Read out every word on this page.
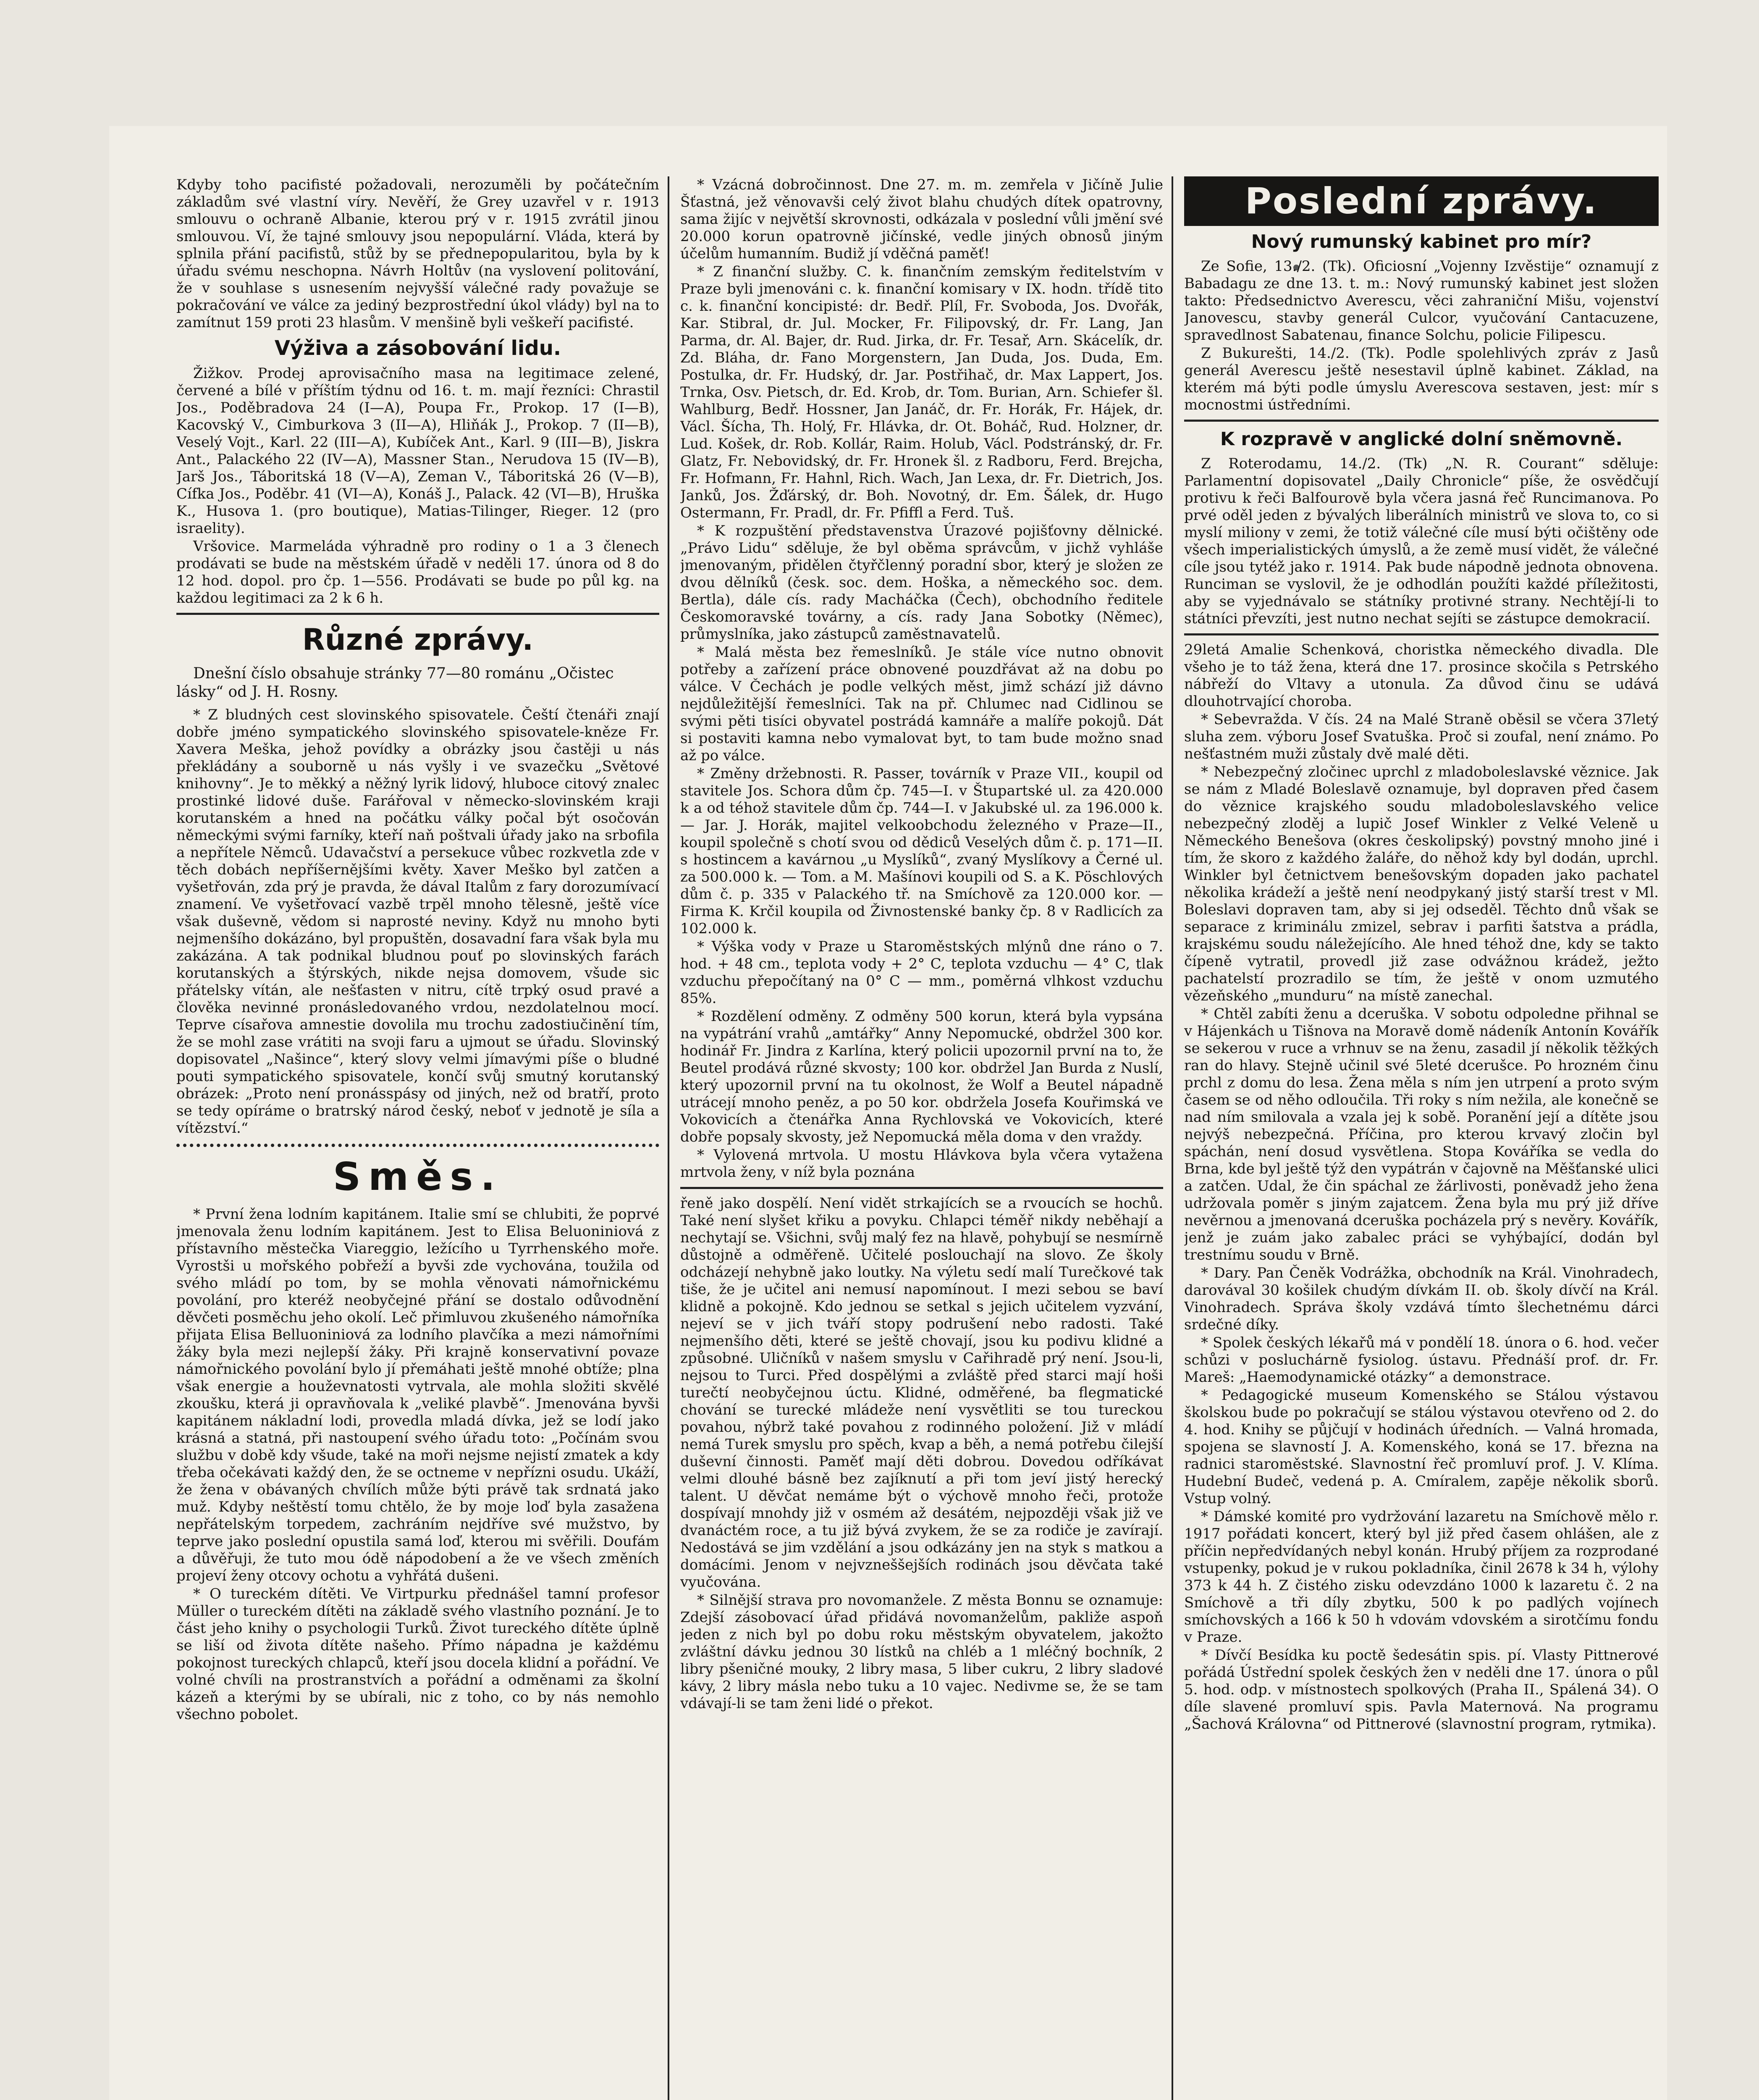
Kdyby toho pacifisté požadovali, nerozuměli by počátečním základům své vlastní víry. Nevěří, že Grey uzavřel v r. 1913 smlouvu o ochraně Albanie, kterou prý v r. 1915 zvrátil jinou smlouvou. Ví, že tajné smlouvy jsou nepopulární. Vláda, která by splnila přání pacifistů, stůž by se přednepopularitou, byla by k úřadu svému neschopna. Návrh Holtův (na vyslovení politování, že v souhlase s usnesením nejvyšší válečné rady považuje se pokračování ve válce za jediný bezprostřední úkol vlády) byl na to zamítnut 159 proti 23 hlasům. V menšině byli veškeří pacifisté.

Výživa a zásobování lidu.

Žižkov. Prodej aprovisačního masa na legitimace zelené, červené a bílé v příštím týdnu od 16. t. m. mají řezníci: Chrastil Jos., Poděbradova 24 (I—A), Poupa Fr., Prokop. 17 (I—B), Kacovský V., Cimburkova 3 (II—A), Hliňák J., Prokop. 7 (II—B), Veselý Vojt., Karl. 22 (III—A), Kubíček Ant., Karl. 9 (III—B), Jiskra Ant., Palackého 22 (IV—A), Massner Stan., Nerudova 15 (IV—B), Jarš Jos., Táboritská 18 (V—A), Zeman V., Táboritská 26 (V—B), Cífka Jos., Poděbr. 41 (VI—A), Konáš J., Palack. 42 (VI—B), Hruška K., Husova 1. (pro boutique), Matias-Tilinger, Rieger. 12 (pro israelity).

Vršovice. Marmeláda výhradně pro rodiny o 1 a 3 členech prodávati se bude na městském úřadě v neděli 17. února od 8 do 12 hod. dopol. pro čp. 1—556. Prodávati se bude po půl kg. na každou legitimaci za 2 k 6 h.

Různé zprávy.

Dnešní číslo obsahuje stránky 77—80 románu „Očistec lásky“ od J. H. Rosny.

* Z bludných cest slovinského spisovatele. Čeští čtenáři znají dobře jméno sympatického slovinského spisovatele-kněze Fr. Xavera Meška, jehož povídky a obrázky jsou častěji u nás překládány a souborně u nás vyšly i ve svazečku „Světové knihovny“. Je to měkký a něžný lyrik lidový, hluboce citový znalec prostinké lidové duše. Farářoval v německo-slovinském kraji korutanském a hned na počátku války počal být osočován německými svými farníky, kteří naň poštvali úřady jako na srbofila a nepřítele Němců. Udavačství a persekuce vůbec rozkvetla zde v těch dobách nepříšernějšími květy. Xaver Meško byl zatčen a vyšetřován, zda prý je pravda, že dával Italům z fary dorozumívací znamení. Ve vyšetřovací vazbě trpěl mnoho tělesně, ještě více však duševně, vědom si naprosté neviny. Když nu mnoho byti nejmenšího dokázáno, byl propuštěn, dosavadní fara však byla mu zakázána. A tak podnikal bludnou pouť po slovinských farách korutanských a štýrských, nikde nejsa domovem, všude sic přátelsky vítán, ale nešťasten v nitru, cítě trpký osud pravé a člověka nevinné pronásledovaného vrdou, nezdolatelnou mocí. Teprve císařova amnestie dovolila mu trochu zadostiučinění tím, že se mohl zase vrátiti na svoji faru a ujmout se úřadu. Slovinský dopisovatel „Našince“, který slovy velmi jímavými píše o bludné pouti sympatického spisovatele, končí svůj smutný korutanský obrázek: „Proto není pronásspásy od jiných, než od bratří, proto se tedy opíráme o bratrský národ český, neboť v jednotě je síla a vítězství.“

Směs.

* První žena lodním kapitánem. Italie smí se chlubiti, že poprvé jmenovala ženu lodním kapitánem. Jest to Elisa Beluoniniová z přístavního městečka Viareggio, ležícího u Tyrrhenského moře. Vyrostši u mořského pobřeží a byvši zde vychována, toužila od svého mládí po tom, by se mohla věnovati námořnickému povolání, pro kteréž neobyčejné přání se dostalo odůvodnění děvčeti posměchu jeho okolí. Leč přimluvou zkušeného námořníka přijata Elisa Belluoniniová za lodního plavčíka a mezi námořními žáky byla mezi nejlepší žáky. Při krajně konservativní povaze námořnického povolání bylo jí přemáhati ještě mnohé obtíže; plna však energie a houževnatosti vytrvala, ale mohla složiti skvělé zkoušku, která ji opravňovala k „veliké plavbě“. Jmenována byvši kapitánem nákladní lodi, provedla mladá dívka, jež se lodí jako krásná a statná, při nastoupení svého úřadu toto: „Počínám svou službu v době kdy všude, také na moři nejsme nejistí zmatek a kdy třeba očekávati každý den, že se octneme v nepřízni osudu. Ukáží, že žena v obávaných chvílích může býti právě tak srdnatá jako muž. Kdyby neštěstí tomu chtělo, že by moje loď byla zasažena nepřátelským torpedem, zachráním nejdříve své mužstvo, by teprve jako poslední opustila samá loď, kterou mi svěřili. Doufám a důvěřuji, že tuto mou ódě nápodobení a že ve všech změních projeví ženy otcovy ochotu a vyhřátá dušeni.

* O tureckém dítěti. Ve Virtpurku přednášel tamní profesor Müller o tureckém dítěti na základě svého vlastního poznání. Je to část jeho knihy o psychologii Turků. Život tureckého dítěte úplně se liší od života dítěte našeho. Přímo nápadna je každému pokojnost tureckých chlapců, kteří jsou docela klidní a pořádní. Ve volné chvíli na prostranstvích a pořádní a odměnami za školní kázeň a kterými by se ubírali, nic z toho, co by nás nemohlo všechno pobolet.

* Vzácná dobročinnost. Dne 27. m. m. zemřela v Jičíně Julie Šťastná, jež věnovavši celý život blahu chudých dítek opatrovny, sama žijíc v největší skrovnosti, odkázala v poslední vůli jmění své 20.000 korun opatrovně jičínské, vedle jiných obnosů jiným účelům humanním. Budiž jí vděčná paměť!

* Z finanční služby. C. k. finančním zemským ředitelstvím v Praze byli jmenováni c. k. finanční komisary v IX. hodn. třídě tito c. k. finanční koncipisté: dr. Bedř. Plíl, Fr. Svoboda, Jos. Dvořák, Kar. Stibral, dr. Jul. Mocker, Fr. Filipovský, dr. Fr. Lang, Jan Parma, dr. Al. Bajer, dr. Rud. Jirka, dr. Fr. Tesař, Arn. Skácelík, dr. Zd. Bláha, dr. Fano Morgenstern, Jan Duda, Jos. Duda, Em. Postulka, dr. Fr. Hudský, dr. Jar. Postřihač, dr. Max Lappert, Jos. Trnka, Osv. Pietsch, dr. Ed. Krob, dr. Tom. Burian, Arn. Schiefer šl. Wahlburg, Bedř. Hossner, Jan Janáč, dr. Fr. Horák, Fr. Hájek, dr. Václ. Šícha, Th. Holý, Fr. Hlávka, dr. Ot. Boháč, Rud. Holzner, dr. Lud. Košek, dr. Rob. Kollár, Raim. Holub, Václ. Podstránský, dr. Fr. Glatz, Fr. Nebovidský, dr. Fr. Hronek šl. z Radboru, Ferd. Brejcha, Fr. Hofmann, Fr. Hahnl, Rich. Wach, Jan Lexa, dr. Fr. Dietrich, Jos. Janků, Jos. Žďárský, dr. Boh. Novotný, dr. Em. Šálek, dr. Hugo Ostermann, Fr. Pradl, dr. Fr. Pfiffl a Ferd. Tuš.

* K rozpuštění představenstva Úrazové pojišťovny dělnické. „Právo Lidu“ sděluje, že byl oběma správcům, v jichž vyhláše jmenovaným, přidělen čtyřčlenný poradní sbor, který je složen ze dvou dělníků (česk. soc. dem. Hoška, a německého soc. dem. Bertla), dále cís. rady Macháčka (Čech), obchodního ředitele Českomoravské továrny, a cís. rady Jana Sobotky (Němec), průmyslníka, jako zástupců zaměstnavatelů.

* Malá města bez řemeslníků. Je stále více nutno obnovit potřeby a zařízení práce obnovené pouzdřávat až na dobu po válce. V Čechách je podle velkých měst, jimž schází již dávno nejdůležitější řemeslníci. Tak na př. Chlumec nad Cidlinou se svými pěti tisíci obyvatel postrádá kamnáře a malíře pokojů. Dát si postaviti kamna nebo vymalovat byt, to tam bude možno snad až po válce.

* Změny držebnosti. R. Passer, továrník v Praze VII., koupil od stavitele Jos. Schora dům čp. 745—I. v Štupartské ul. za 420.000 k a od téhož stavitele dům čp. 744—I. v Jakubské ul. za 196.000 k. — Jar. J. Horák, majitel velkoobchodu železného v Praze—II., koupil společně s chotí svou od dědiců Veselých dům č. p. 171—II. s hostincem a kavárnou „u Myslíků“, zvaný Myslíkovy a Černé ul. za 500.000 k. — Tom. a M. Mašínovi koupili od S. a K. Pöschlových dům č. p. 335 v Palackého tř. na Smíchově za 120.000 kor. — Firma K. Krčil koupila od Živnostenské banky čp. 8 v Radlicích za 102.000 k.

* Výška vody v Praze u Staroměstských mlýnů dne ráno o 7. hod. + 48 cm., teplota vody + 2° C, teplota vzduchu — 4° C, tlak vzduchu přepočítaný na 0° C — mm., poměrná vlhkost vzduchu 85%.

* Rozdělení odměny. Z odměny 500 korun, která byla vypsána na vypátrání vrahů „amtářky“ Anny Nepomucké, obdržel 300 kor. hodinář Fr. Jindra z Karlína, který policii upozornil první na to, že Beutel prodává různé skvosty; 100 kor. obdržel Jan Burda z Nuslí, který upozornil první na tu okolnost, že Wolf a Beutel nápadně utrácejí mnoho peněz, a po 50 kor. obdržela Josefa Kouřimská ve Vokovicích a čtenářka Anna Rychlovská ve Vokovicích, které dobře popsaly skvosty, jež Nepomucká měla doma v den vraždy.

* Vylovená mrtvola. U mostu Hlávkova byla včera vytažena mrtvola ženy, v níž byla poznána

řeně jako dospělí. Není vidět strkajících se a rvoucích se hochů. Také není slyšet křiku a povyku. Chlapci téměř nikdy neběhají a nechytají se. Všichni, svůj malý fez na hlavě, pohybují se nesmírně důstojně a odměřeně. Učitelé poslouchají na slovo. Ze školy odcházejí nehybně jako loutky. Na výletu sedí malí Turečkové tak tiše, že je učitel ani nemusí napomínout. I mezi sebou se baví klidně a pokojně. Kdo jednou se setkal s jejich učitelem vyzvání, nejeví se v jich tváří stopy podrušení nebo radosti. Také nejmenšího děti, které se ještě chovají, jsou ku podivu klidné a způsobné. Uličníků v našem smyslu v Cařihradě prý není. Jsou-li, nejsou to Turci. Před dospělými a zvláště před starci mají hoši turečtí neobyčejnou úctu. Klidné, odměřené, ba flegmatické chování se turecké mládeže není vysvětliti se tou tureckou povahou, nýbrž také povahou z rodinného položení. Již v mládí nemá Turek smyslu pro spěch, kvap a běh, a nemá potřebu čilejší duševní činnosti. Paměť mají děti dobrou. Dovedou odříkávat velmi dlouhé básně bez zajíknutí a při tom jeví jistý herecký talent. U děvčat nemáme být o výchově mnoho řeči, protože dospívají mnohdy již v osmém až desátém, nejpozději však již ve dvanáctém roce, a tu již bývá zvykem, že se za rodiče je zavírají. Nedostává se jim vzdělání a jsou odkázány jen na styk s matkou a domácími. Jenom v nejvzneššejších rodinách jsou děvčata také vyučována.

* Silnější strava pro novomanžele. Z města Bonnu se oznamuje: Zdejší zásobovací úřad přidává novomanželům, pakliže aspoň jeden z nich byl po dobu roku městským obyvatelem, jakožto zvláštní dávku jednou 30 lístků na chléb a 1 mléčný bochník, 2 libry pšeničné mouky, 2 libry masa, 5 liber cukru, 2 libry sladové kávy, 2 libry másla nebo tuku a 10 vajec. Nedivme se, že se tam vdávají-li se tam ženi lidé o překot.

Poslední zprávy.
Nový rumunský kabinet pro mír?

Ze Sofie, 13./2. (Tk). Oficiosní „Vojenny Izvěstije“ oznamují z Babadagu ze dne 13. t. m.: Nový rumunský kabinet jest složen takto: Předsednictvo Averescu, věci zahraniční Mišu, vojenství Janovescu, stavby generál Culcor, vyučování Cantacuzene, spravedlnost Sabatenau, finance Solchu, policie Filipescu.

Z Bukurešti, 14./2. (Tk). Podle spolehlivých zpráv z Jasů generál Averescu ještě nesestavil úplně kabinet. Základ, na kterém má býti podle úmyslu Averescova sestaven, jest: mír s mocnostmi ústředními.

K rozpravě v anglické dolní sněmovně.

Z Roterodamu, 14./2. (Tk) „N. R. Courant“ sděluje: Parlamentní dopisovatel „Daily Chronicle“ píše, že osvědčují protivu k řeči Balfourově byla včera jasná řeč Runcimanova. Po prvé oděl jeden z bývalých liberálních ministrů ve slova to, co si myslí miliony v zemi, že totiž válečné cíle musí býti očištěny ode všech imperialistických úmyslů, a že země musí vidět, že válečné cíle jsou tytéž jako r. 1914. Pak bude nápodně jednota obnovena. Runciman se vyslovil, že je odhodlán použíti každé příležitosti, aby se vyjednávalo se státníky protivné strany. Nechtějí-li to státníci převzíti, jest nutno nechat sejíti se zástupce demokracií.

29letá Amalie Schenková, choristka německého divadla. Dle všeho je to táž žena, která dne 17. prosince skočila s Petrského nábřeží do Vltavy a utonula. Za důvod činu se udává dlouhotrvající choroba.

* Sebevražda. V čís. 24 na Malé Straně oběsil se včera 37letý sluha zem. výboru Josef Svatuška. Proč si zoufal, není známo. Po nešťastném muži zůstaly dvě malé děti.

* Nebezpečný zločinec uprchl z mladoboleslavské věznice. Jak se nám z Mladé Boleslavě oznamuje, byl dopraven před časem do věznice krajského soudu mladoboleslavského velice nebezpečný zloděj a lupič Josef Winkler z Velké Veleně u Německého Benešova (okres českolipský) povstný mnoho jiné i tím, že skoro z každého žaláře, do něhož kdy byl dodán, uprchl. Winkler byl četnictvem benešovským dopaden jako pachatel několika krádeží a ještě není neodpykaný jistý starší trest v Ml. Boleslavi dopraven tam, aby si jej odseděl. Těchto dnů však se separace z kriminálu zmizel, sebrav i parfiti šatstva a prádla, krajskému soudu náležejícího. Ale hned téhož dne, kdy se takto čípeně vytratil, provedl již zase odvážnou krádež, ježto pachatelstí prozradilo se tím, že ještě v onom uzmutého vězeňského „munduru“ na místě zanechal.

* Chtěl zabíti ženu a dceruška. V sobotu odpoledne přihnal se v Hájenkách u Tišnova na Moravě domě nádeník Antonín Kovářík se sekerou v ruce a vrhnuv se na ženu, zasadil jí několik těžkých ran do hlavy. Stejně učinil své 5leté dcerušce. Po hrozném činu prchl z domu do lesa. Žena měla s ním jen utrpení a proto svým časem se od něho odloučila. Tři roky s ním nežila, ale konečně se nad ním smilovala a vzala jej k sobě. Poranění její a dítěte jsou nejvýš nebezpečná. Příčina, pro kterou krvavý zločin byl spáchán, není dosud vysvětlena. Stopa Kováříka se vedla do Brna, kde byl ještě týž den vypátrán v čajovně na Měšťanské ulici a zatčen. Udal, že čin spáchal ze žárlivosti, poněvadž jeho žena udržovala poměr s jiným zajatcem. Žena byla mu prý již dříve nevěrnou a jmenovaná dceruška pocházela prý s nevěry. Kovářík, jenž je zuám jako zabalec práci se vyhýbající, dodán byl trestnímu soudu v Brně.

* Dary. Pan Čeněk Vodrážka, obchodník na Král. Vinohradech, darovával 30 košilek chudým dívkám II. ob. školy dívčí na Král. Vinohradech. Správa školy vzdává tímto šlechetnému dárci srdečné díky.

* Spolek českých lékařů má v pondělí 18. února o 6. hod. večer schůzi v posluchárně fysiolog. ústavu. Přednáší prof. dr. Fr. Mareš: „Haemodynamické otázky“ a demonstrace.

* Pedagogické museum Komenského se Stálou výstavou školskou bude po pokračují se stálou výstavou otevřeno od 2. do 4. hod. Knihy se půjčují v hodinách úředních. — Valná hromada, spojena se slavností J. A. Komenského, koná se 17. března na radnici staroměstské. Slavnostní řeč promluví prof. J. V. Klíma. Hudební Budeč, vedená p. A. Cmíralem, zapěje několik sborů. Vstup volný.

* Dámské komité pro vydržování lazaretu na Smíchově mělo r. 1917 pořádati koncert, který byl již před časem ohlášen, ale z příčin nepředvídaných nebyl konán. Hrubý příjem za rozprodané vstupenky, pokud je v rukou pokladníka, činil 2678 k 34 h, výlohy 373 k 44 h. Z čistého zisku odevzdáno 1000 k lazaretu č. 2 na Smíchově a tři díly zbytku, 500 k po padlých vojínech smíchovských a 166 k 50 h vdovám vdovském a sirotčímu fondu v Praze.

* Dívčí Besídka ku poctě šedesátin spis. pí. Vlasty Pittnerové pořádá Ústřední spolek českých žen v neděli dne 17. února o půl 5. hod. odp. v místnostech spolkových (Praha II., Spálená 34). O díle slavené promluví spis. Pavla Maternová. Na programu „Šachová Královna“ od Pittnerové (slavnostní program, rytmika).
